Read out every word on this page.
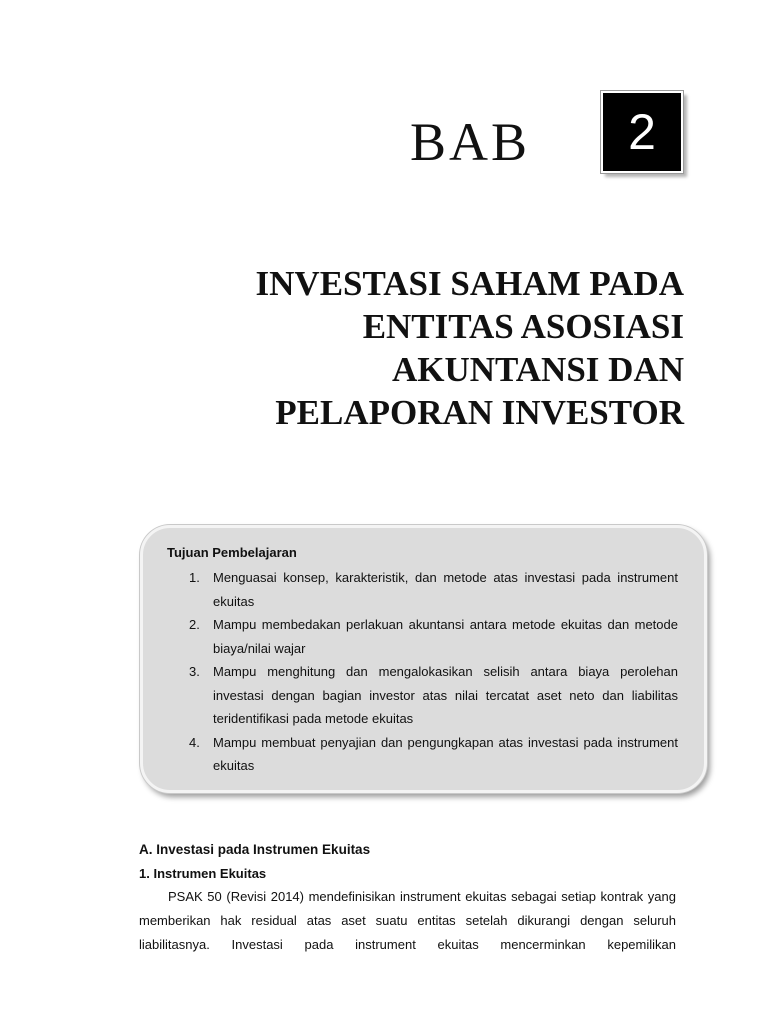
BAB	2
INVESTASI SAHAM PADA
ENTITAS ASOSIASI
AKUNTANSI DAN
PELAPORAN INVESTOR
Tujuan Pembelajaran
1. Menguasai konsep, karakteristik, dan metode atas investasi pada instrument ekuitas
2. Mampu membedakan perlakuan akuntansi antara metode ekuitas dan metode biaya/nilai wajar
3. Mampu menghitung dan mengalokasikan selisih antara biaya perolehan investasi dengan bagian investor atas nilai tercatat aset neto dan liabilitas teridentifikasi pada metode ekuitas
4. Mampu membuat penyajian dan pengungkapan atas investasi pada instrument ekuitas
A. Investasi pada Instrumen Ekuitas
1. Instrumen Ekuitas

PSAK 50 (Revisi 2014) mendefinisikan instrument ekuitas sebagai setiap kontrak yang memberikan hak residual atas aset suatu entitas setelah dikurangi dengan seluruh liabilitasnya. Investasi pada instrument ekuitas mencerminkan kepemilikan
